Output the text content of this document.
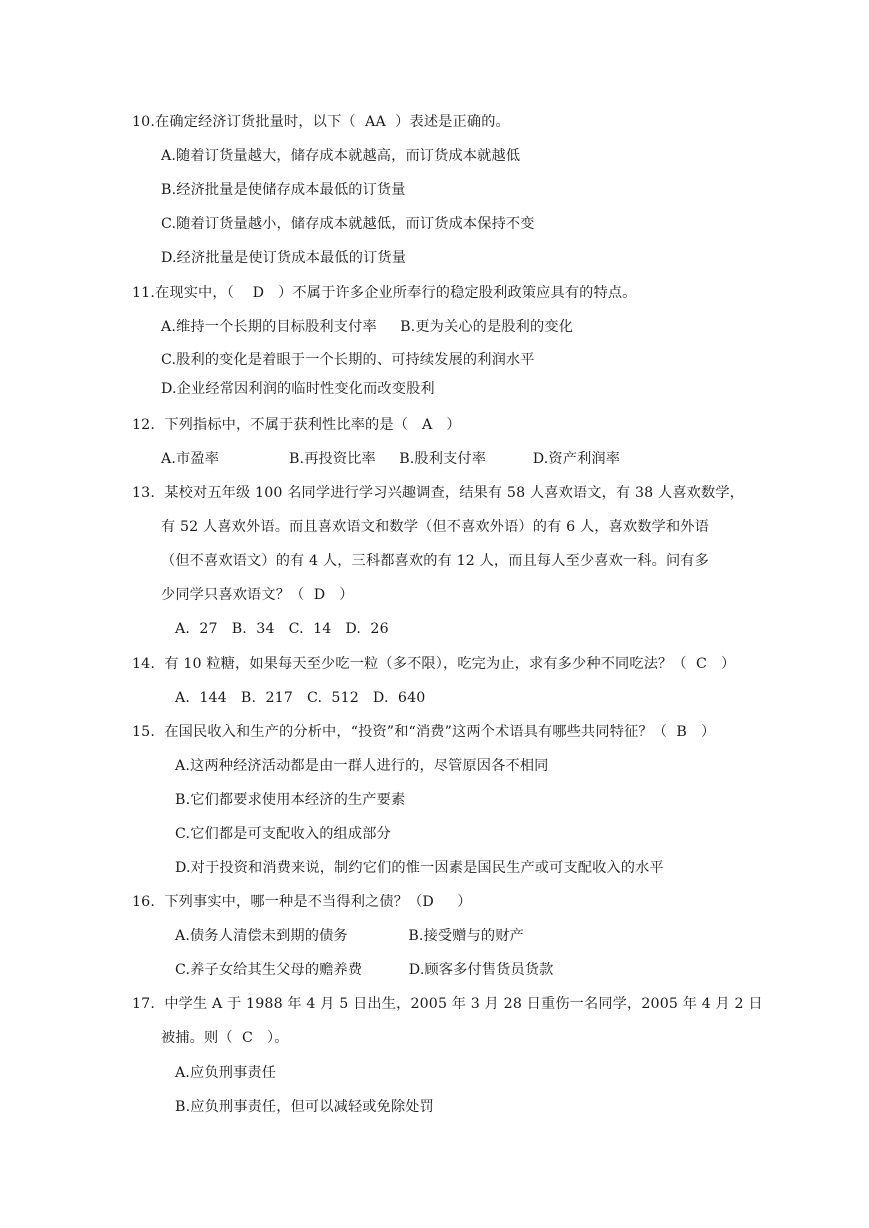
10.在确定经济订货批量时，以下（  AA  ）表述是正确的。
A.随着订货量越大，储存成本就越高，而订货成本就越低
B.经济批量是使储存成本最低的订货量
C.随着订货量越小，储存成本就越低，而订货成本保持不变
D.经济批量是使订货成本最低的订货量
11.在现实中，（    D   ）不属于许多企业所奉行的稳定股利政策应具有的特点。
A.维持一个长期的目标股利支付率     B.更为关心的是股利的变化
C.股利的变化是着眼于一个长期的、可持续发展的利润水平
D.企业经常因利润的临时性变化而改变股利
12.  下列指标中，不属于获利性比率的是（   A   ）
A.市盈率               B.再投资比率     B.股利支付率          D.资产利润率
13.  某校对五年级 100 名同学进行学习兴趣调查，结果有 58 人喜欢语文，有 38 人喜欢数学，
有 52 人喜欢外语。而且喜欢语文和数学（但不喜欢外语）的有 6 人，喜欢数学和外语
（但不喜欢语文）的有 4 人，三科都喜欢的有 12 人，而且每人至少喜欢一科。问有多
少同学只喜欢语文？（  D   ）
A.  27   B.  34   C.  14   D.  26
14.  有 10 粒糖，如果每天至少吃一粒（多不限），吃完为止，求有多少种不同吃法？（  C   ）
A.  144   B.  217   C.  512   D.  640
15.  在国民收入和生产的分析中，“投资”和“消费”这两个术语具有哪些共同特征？（  B   ）
A.这两种经济活动都是由一群人进行的，尽管原因各不相同
B.它们都要求使用本经济的生产要素
C.它们都是可支配收入的组成部分
D.对于投资和消费来说，制约它们的惟一因素是国民生产或可支配收入的水平
16.  下列事实中，哪一种是不当得利之债？（D     ）
A.债务人清偿未到期的债务             B.接受赠与的财产
C.养子女给其生父母的赡养费          D.顾客多付售货员货款
17.  中学生 A 于 1988 年 4 月 5 日出生，2005 年 3 月 28 日重伤一名同学，2005 年 4 月 2 日
被捕。则（  C   ）。
A.应负刑事责任
B.应负刑事责任，但可以减轻或免除处罚
